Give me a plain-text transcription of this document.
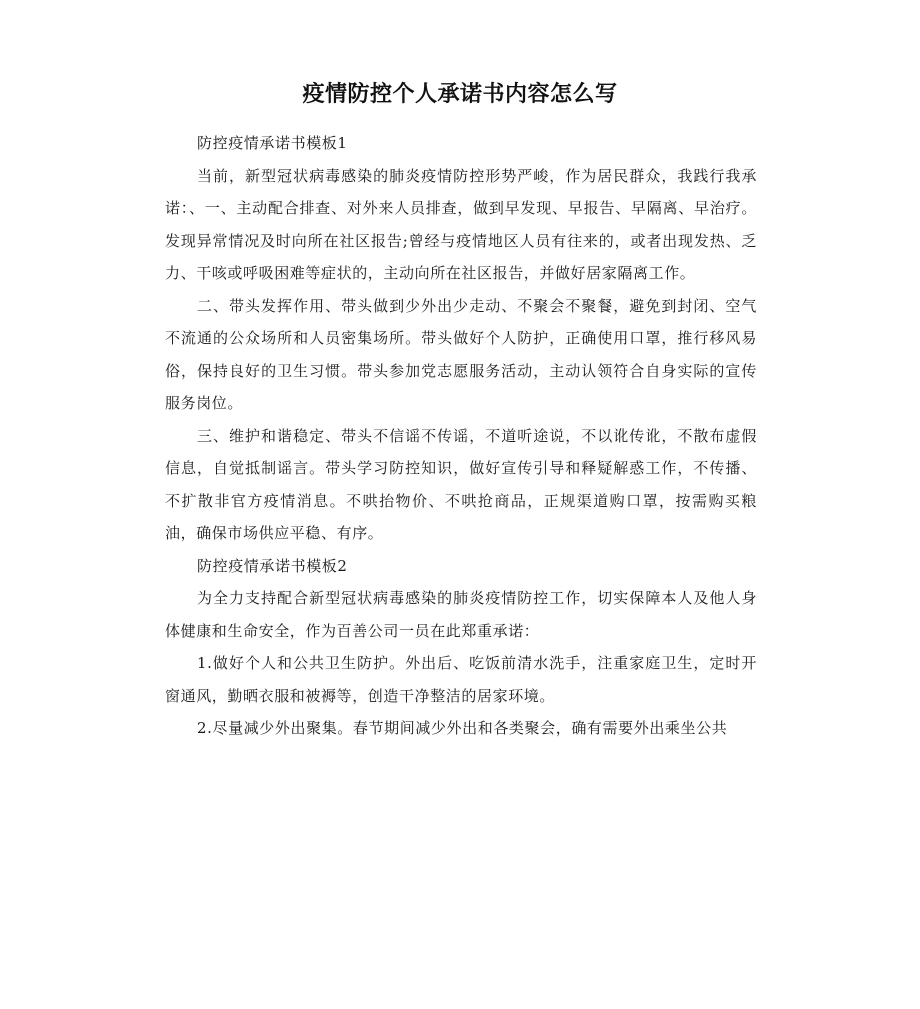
疫情防控个人承诺书内容怎么写

防控疫情承诺书模板1

当前，新型冠状病毒感染的肺炎疫情防控形势严峻，作为居民群众，我践行我承诺：、一、主动配合排查、对外来人员排查，做到早发现、早报告、早隔离、早治疗。发现异常情况及时向所在社区报告;曾经与疫情地区人员有往来的，或者出现发热、乏力、干咳或呼吸困难等症状的，主动向所在社区报告，并做好居家隔离工作。

二、带头发挥作用、带头做到少外出少走动、不聚会不聚餐，避免到封闭、空气不流通的公众场所和人员密集场所。带头做好个人防护，正确使用口罩，推行移风易俗，保持良好的卫生习惯。带头参加党志愿服务活动，主动认领符合自身实际的宣传服务岗位。

三、维护和谐稳定、带头不信谣不传谣，不道听途说，不以讹传讹，不散布虚假信息，自觉抵制谣言。带头学习防控知识，做好宣传引导和释疑解惑工作，不传播、不扩散非官方疫情消息。不哄抬物价、不哄抢商品，正规渠道购口罩，按需购买粮油，确保市场供应平稳、有序。

防控疫情承诺书模板2

为全力支持配合新型冠状病毒感染的肺炎疫情防控工作，切实保障本人及他人身体健康和生命安全，作为百善公司一员在此郑重承诺：

1.做好个人和公共卫生防护。外出后、吃饭前清水洗手，注重家庭卫生，定时开窗通风，勤晒衣服和被褥等，创造干净整洁的居家环境。

2.尽量减少外出聚集。春节期间减少外出和各类聚会，确有需要外出乘坐公共
